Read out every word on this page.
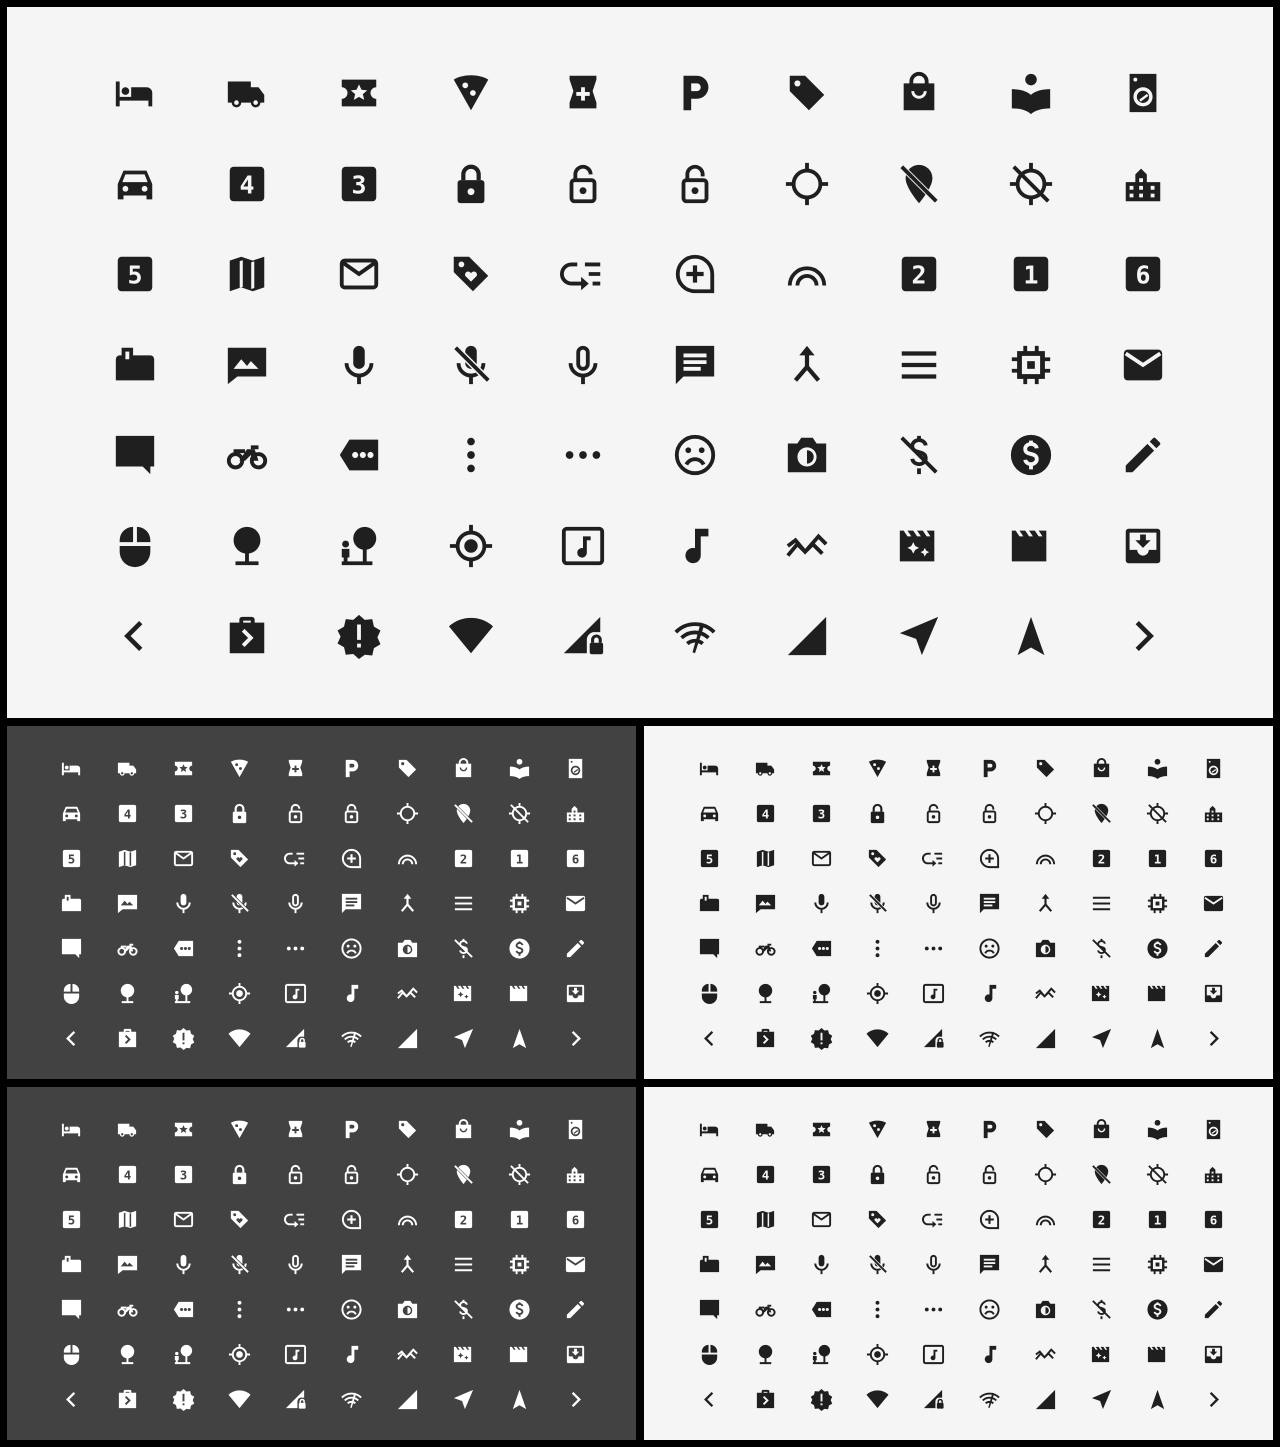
4	3
5	2	1	6
4	3
5	2	1	6
4	3
5	2	1	6
4	3
5	2	1	6
4	3
5	2	1	6
